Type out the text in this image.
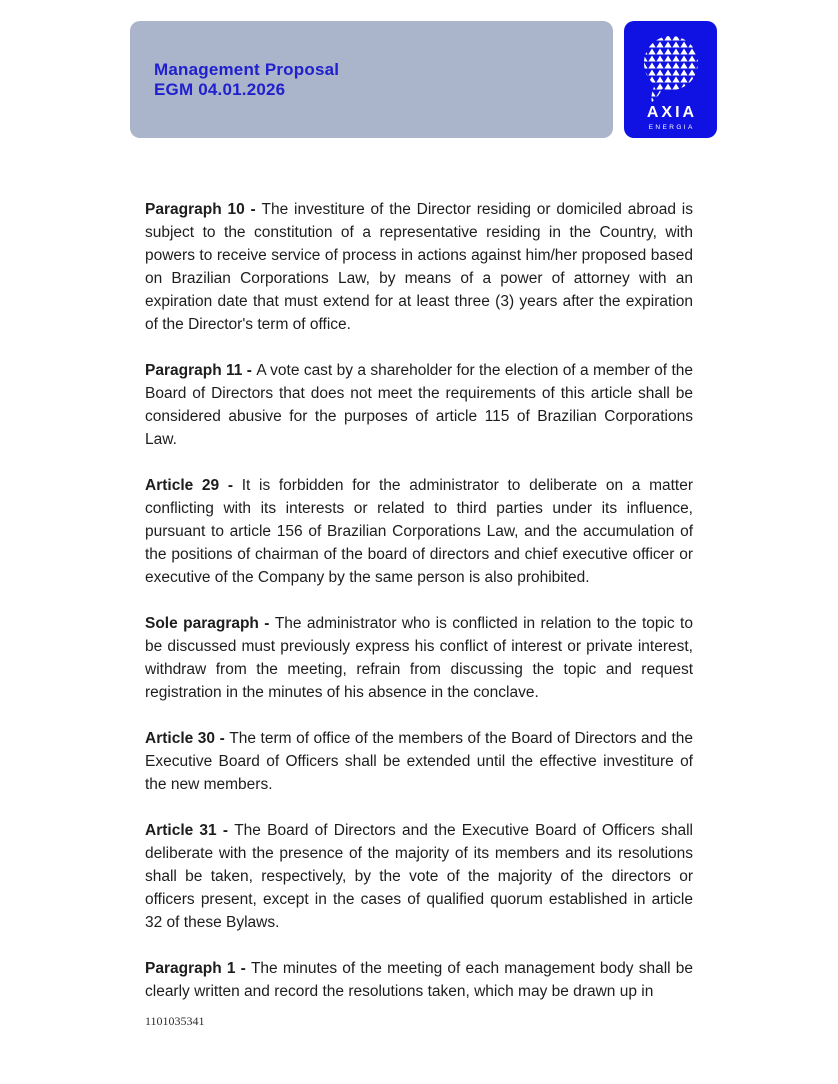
Management Proposal
EGM 04.01.2026
AXIA
ENERGIA

Paragraph 10 - The investiture of the Director residing or domiciled abroad is subject to the constitution of a representative residing in the Country, with powers to receive service of process in actions against him/her proposed based on Brazilian Corporations Law, by means of a power of attorney with an expiration date that must extend for at least three (3) years after the expiration of the Director's term of office.

Paragraph 11 - A vote cast by a shareholder for the election of a member of the Board of Directors that does not meet the requirements of this article shall be considered abusive for the purposes of article 115 of Brazilian Corporations Law.

Article 29 - It is forbidden for the administrator to deliberate on a matter conflicting with its interests or related to third parties under its influence, pursuant to article 156 of Brazilian Corporations Law, and the accumulation of the positions of chairman of the board of directors and chief executive officer or executive of the Company by the same person is also prohibited.

Sole paragraph - The administrator who is conflicted in relation to the topic to be discussed must previously express his conflict of interest or private interest, withdraw from the meeting, refrain from discussing the topic and request registration in the minutes of his absence in the conclave.

Article 30 - The term of office of the members of the Board of Directors and the Executive Board of Officers shall be extended until the effective investiture of the new members.

Article 31 - The Board of Directors and the Executive Board of Officers shall deliberate with the presence of the majority of its members and its resolutions shall be taken, respectively, by the vote of the majority of the directors or officers present, except in the cases of qualified quorum established in article 32 of these Bylaws.

Paragraph 1 - The minutes of the meeting of each management body shall be clearly written and record the resolutions taken, which may be drawn up in

1101035341
